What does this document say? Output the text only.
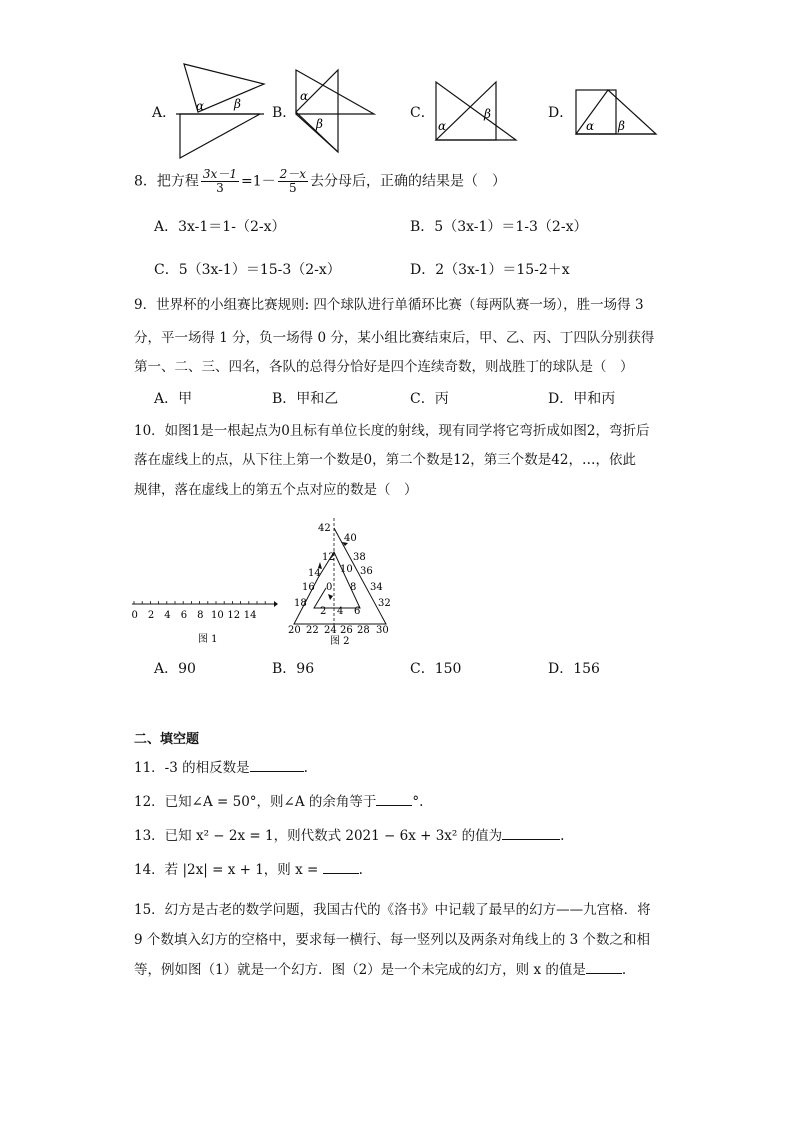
A． α β
B．
α
β
C．
α
β	D．
α β
8．把方程 $\frac{3x-1}{3} =1- \frac{2-x}{5}$ 去分母后，正确的结果是（　）
A．3x-1＝1-（2-x）	B．5（3x-1）＝1-3（2-x）
C．5（3x-1）＝15-3（2-x）	D．2（3x-1）＝15-2＋x
9．世界杯的小组赛比赛规则: 四个球队进行单循环比赛（每两队赛一场），胜一场得 3
分，平一场得 1 分，负一场得 0 分，某小组比赛结束后，甲、乙、丙、丁四队分别获得
第一、二、三、四名，各队的总得分恰好是四个连续奇数，则战胜丁的球队是（　）
A．甲	B．甲和乙	C．丙	D．甲和丙
10．如图1是一根起点为0且标有单位长度的射线，现有同学将它弯折成如图2，弯折后
落在虚线上的点，从下往上第一个数是0，第二个数是12，第三个数是42，…，依此
规律，落在虚线上的第五个点对应的数是（　）
0 2 4 6 8 10 12 14
图 1
42
40
38
36
34
32
12
10
14
16 0 8
18
2 4 6
20 22 24 26 28 30
图 2
A．90	B．96	C．150	D．156
二、填空题
11．-3 的相反数是	.
12．已知∠A = 50°，则∠A 的余角等于	°.
13．已知 x² − 2x = 1，则代数式 2021 − 6x + 3x² 的值为	.
14．若 |2x| = x + 1，则 x =	.
15．幻方是古老的数学问题，我国古代的《洛书》中记载了最早的幻方——九宫格．将
9 个数填入幻方的空格中，要求每一横行、每一竖列以及两条对角线上的 3 个数之和相
等，例如图（1）就是一个幻方．图（2）是一个未完成的幻方，则 x 的值是	.
